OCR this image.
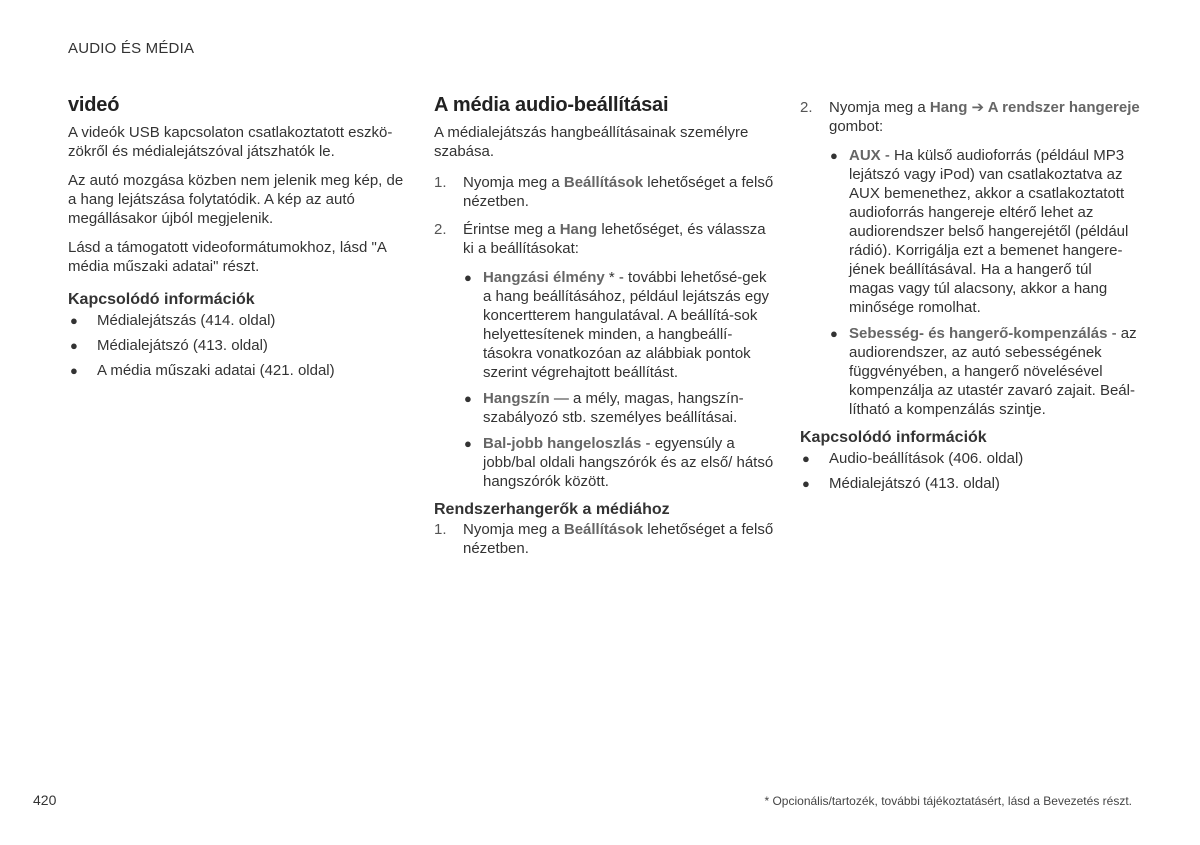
AUDIO ÉS MÉDIA
videó

A videók USB kapcsolaton csatlakoztatott eszkö-zökről és médialejátszóval játszhatók le.

Az autó mozgása közben nem jelenik meg kép, de a hang lejátszása folytatódik. A kép az autó megállásakor újból megjelenik.

Lásd a támogatott videoformátumokhoz, lásd "A média műszaki adatai" részt.

Kapcsolódó információk
● Médialejátszás (414. oldal)
● Médialejátszó (413. oldal)
● A média műszaki adatai (421. oldal)
A média audio-beállításai

A médialejátszás hangbeállításainak személyre szabása.

1. Nyomja meg a Beállítások lehetőséget a felső nézetben.
2. Érintse meg a Hang lehetőséget, és válassza ki a beállításokat:
● Hangzási élmény * - további lehetősé-gek a hang beállításához, például lejátszás egy koncertterem hangulatával. A beállítá-sok helyettesítenek minden, a hangbeállí-tásokra vonatkozóan az alábbiak pontok szerint végrehajtott beállítást.
● Hangszín — a mély, magas, hangszín-szabályozó stb. személyes beállításai.
● Bal-jobb hangeloszlás - egyensúly a jobb/bal oldali hangszórók és az első/ hátsó hangszórók között.
Rendszerhangerők a médiához
1. Nyomja meg a Beállítások lehetőséget a felső nézetben.
2. Nyomja meg a Hang ➔ A rendszer hangereje gombot:
● AUX - Ha külső audioforrás (például MP3 lejátszó vagy iPod) van csatlakoztatva az AUX bemenethez, akkor a csatlakoztatott audioforrás hangereje eltérő lehet az audiorendszer belső hangerejétől (például rádió). Korrigálja ezt a bemenet hangere-jének beállításával. Ha a hangerő túl magas vagy túl alacsony, akkor a hang minősége romolhat.
● Sebesség- és hangerő-kompenzálás - az audiorendszer, az autó sebességének függvényében, a hangerő növelésével kompenzálja az utastér zavaró zajait. Beál-lítható a kompenzálás szintje.
Kapcsolódó információk
● Audio-beállítások (406. oldal)
● Médialejátszó (413. oldal)
420	* Opcionális/tartozék, további tájékoztatásért, lásd a Bevezetés részt.
